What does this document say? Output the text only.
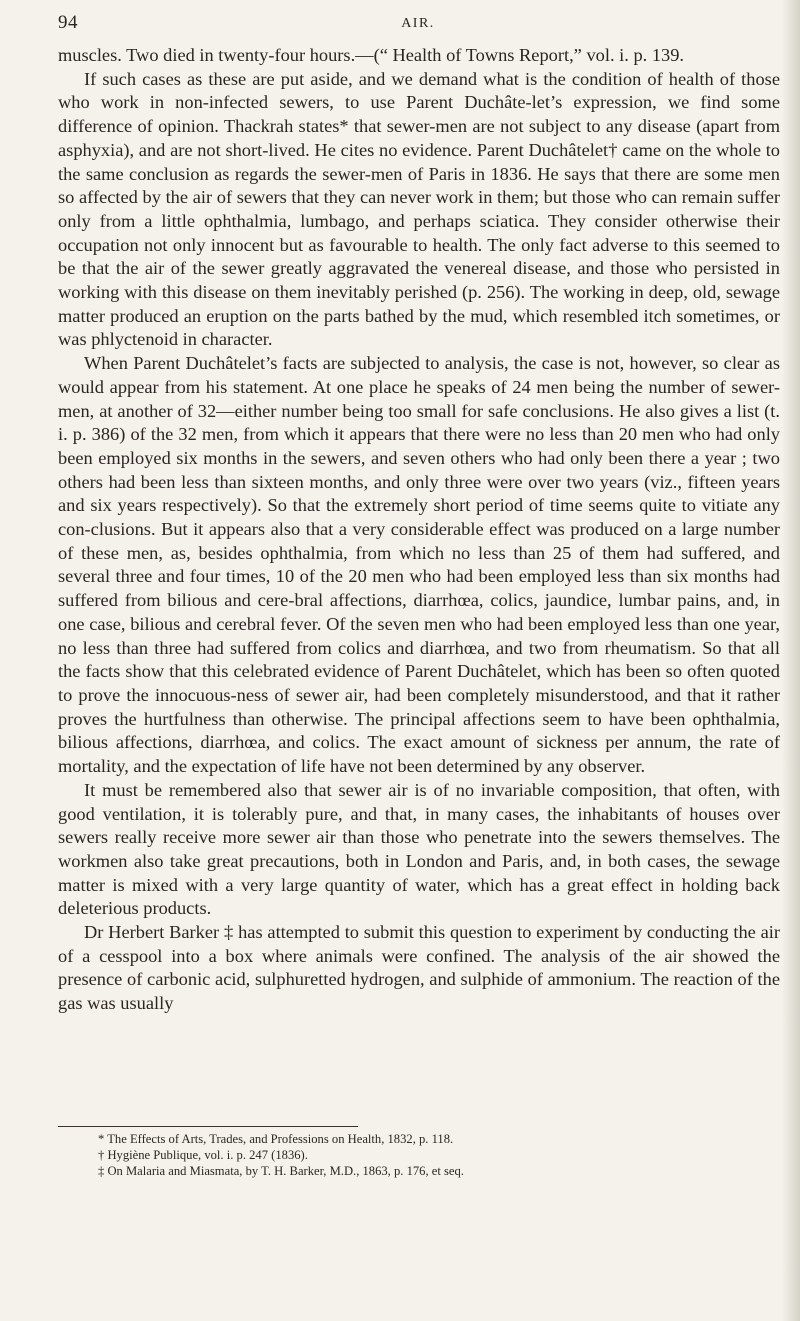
94	AIR.

muscles. Two died in twenty-four hours.—(“ Health of Towns Report,” vol. i. p. 139.

If such cases as these are put aside, and we demand what is the condition of health of those who work in non-infected sewers, to use Parent Duchâte-let’s expression, we find some difference of opinion. Thackrah states* that sewer-men are not subject to any disease (apart from asphyxia), and are not short-lived. He cites no evidence. Parent Duchâtelet† came on the whole to the same conclusion as regards the sewer-men of Paris in 1836. He says that there are some men so affected by the air of sewers that they can never work in them; but those who can remain suffer only from a little ophthalmia, lumbago, and perhaps sciatica. They consider otherwise their occupation not only innocent but as favourable to health. The only fact adverse to this seemed to be that the air of the sewer greatly aggravated the venereal disease, and those who persisted in working with this disease on them inevitably perished (p. 256). The working in deep, old, sewage matter produced an eruption on the parts bathed by the mud, which resembled itch sometimes, or was phlyctenoid in character.

When Parent Duchâtelet’s facts are subjected to analysis, the case is not, however, so clear as would appear from his statement. At one place he speaks of 24 men being the number of sewer-men, at another of 32—either number being too small for safe conclusions. He also gives a list (t. i. p. 386) of the 32 men, from which it appears that there were no less than 20 men who had only been employed six months in the sewers, and seven others who had only been there a year ; two others had been less than sixteen months, and only three were over two years (viz., fifteen years and six years respectively). So that the extremely short period of time seems quite to vitiate any con-clusions. But it appears also that a very considerable effect was produced on a large number of these men, as, besides ophthalmia, from which no less than 25 of them had suffered, and several three and four times, 10 of the 20 men who had been employed less than six months had suffered from bilious and cere-bral affections, diarrhœa, colics, jaundice, lumbar pains, and, in one case, bilious and cerebral fever. Of the seven men who had been employed less than one year, no less than three had suffered from colics and diarrhœa, and two from rheumatism. So that all the facts show that this celebrated evidence of Parent Duchâtelet, which has been so often quoted to prove the innocuous-ness of sewer air, had been completely misunderstood, and that it rather proves the hurtfulness than otherwise. The principal affections seem to have been ophthalmia, bilious affections, diarrhœa, and colics. The exact amount of sickness per annum, the rate of mortality, and the expectation of life have not been determined by any observer.

It must be remembered also that sewer air is of no invariable composition, that often, with good ventilation, it is tolerably pure, and that, in many cases, the inhabitants of houses over sewers really receive more sewer air than those who penetrate into the sewers themselves. The workmen also take great precautions, both in London and Paris, and, in both cases, the sewage matter is mixed with a very large quantity of water, which has a great effect in holding back deleterious products.

Dr Herbert Barker ‡ has attempted to submit this question to experiment by conducting the air of a cesspool into a box where animals were confined. The analysis of the air showed the presence of carbonic acid, sulphuretted hydrogen, and sulphide of ammonium. The reaction of the gas was usually

* The Effects of Arts, Trades, and Professions on Health, 1832, p. 118.
† Hygiène Publique, vol. i. p. 247 (1836).
‡ On Malaria and Miasmata, by T. H. Barker, M.D., 1863, p. 176, et seq.
